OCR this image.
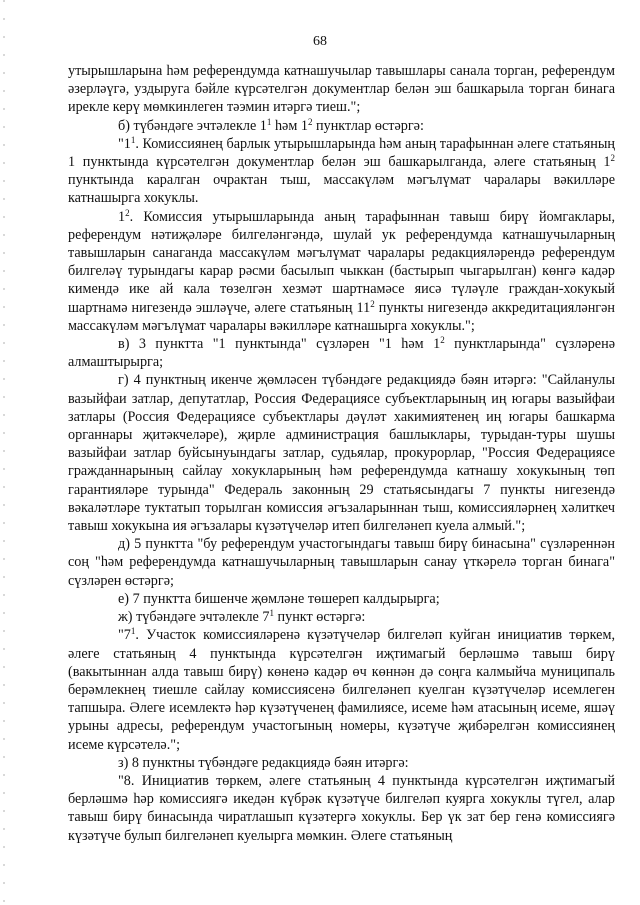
68

утырышларына һәм референдумда катнашучылар тавышлары санала торган, референдум әзерләүгә, уздыруга бәйле күрсәтелгән документлар белән эш башкарыла торган бинага ирекле керү мөмкинлеген тәэмин итәргә тиеш.";

б) түбәндәге эчтәлекле $1^1$ һәм $1^2$ пунктлар өстәргә:

"$1^1$. Комиссиянең барлык утырышларында һәм аның тарафыннан әлеге статьяның 1 пунктында күрсәтелгән документлар белән эш башкарылганда, әлеге статьяның $1^2$ пунктында каралган очрактан тыш, массакүләм мәгълүмат чаралары вәкилләре катнашырга хокуклы.

$1^2$. Комиссия утырышларында аның тарафыннан тавыш бирү йомгаклары, референдум нәтиҗәләре билгеләнгәндә, шулай ук референдумда катнашучыларның тавышларын санаганда массакүләм мәгълүмат чаралары редакцияләрендә референдум билгеләү турындагы карар рәсми басылып чыккан (бастырып чыгарылган) көнгә кадәр кимендә ике ай кала төзелгән хезмәт шартнамәсе яисә түләүле граждан-хокукый шартнамә нигезендә эшләүче, әлеге статьяның $11^2$ пункты нигезендә аккредитацияләнгән массакүләм мәгълүмат чаралары вәкилләре катнашырга хокуклы.";

в) 3 пунктта "1 пунктында" сүзләрен "1 һәм $1^2$ пунктларында" сүзләренә алмаштырырга;

г) 4 пунктның икенче җөмләсен түбәндәге редакциядә бәян итәргә: "Сайланулы вазыйфаи затлар, депутатлар, Россия Федерациясе субъектларының иң югары вазыйфаи затлары (Россия Федерациясе субъектлары дәүләт хакимиятенең иң югары башкарма органнары җитәкчеләре), җирле администрация башлыклары, турыдан-туры шушы вазыйфаи затлар буйсынуындагы затлар, судьялар, прокурорлар, "Россия Федерациясе гражданнарының сайлау хокукларының һәм референдумда катнашу хокукының төп гарантияләре турында" Федераль законның 29 статьясындагы 7 пункты нигезендә вәкаләтләре туктатып торылган комиссия әгъзаларыннан тыш, комиссияләрнең хәлиткеч тавыш хокукына ия әгъзалары күзәтүчеләр итеп билгеләнеп куела алмый.";

д) 5 пунктта "бу референдум участогындагы тавыш бирү бинасына" сүзләреннән соң "һәм референдумда катнашучыларның тавышларын санау үткәрелә торган бинага" сүзләрен өстәргә;

е) 7 пунктта бишенче җөмләне төшереп калдырырга;

ж) түбәндәге эчтәлекле $7^1$ пункт өстәргә:

"$7^1$. Участок комиссияләренә күзәтүчеләр билгеләп куйган инициатив төркем, әлеге статьяның 4 пунктында күрсәтелгән иҗтимагый берләшмә тавыш бирү (вакытыннан алда тавыш бирү) көненә кадәр өч көннән дә соңга калмыйча муниципаль берәмлекнең тиешле сайлау комиссиясенә билгеләнеп куелган күзәтүчеләр исемлеген тапшыра. Әлеге исемлектә һәр күзәтүченең фамилиясе, исеме һәм атасының исеме, яшәү урыны адресы, референдум участогының номеры, күзәтүче җибәрелгән комиссиянең исеме күрсәтелә.";

з) 8 пунктны түбәндәге редакциядә бәян итәргә:

"8. Инициатив төркем, әлеге статьяның 4 пунктында күрсәтелгән иҗтимагый берләшмә һәр комиссиягә икедән күбрәк күзәтүче билгеләп куярга хокуклы түгел, алар тавыш бирү бинасында чиратлашып күзәтергә хокуклы. Бер үк зат бер генә комиссиягә күзәтүче булып билгеләнеп куелырга мөмкин. Әлеге статьяның
